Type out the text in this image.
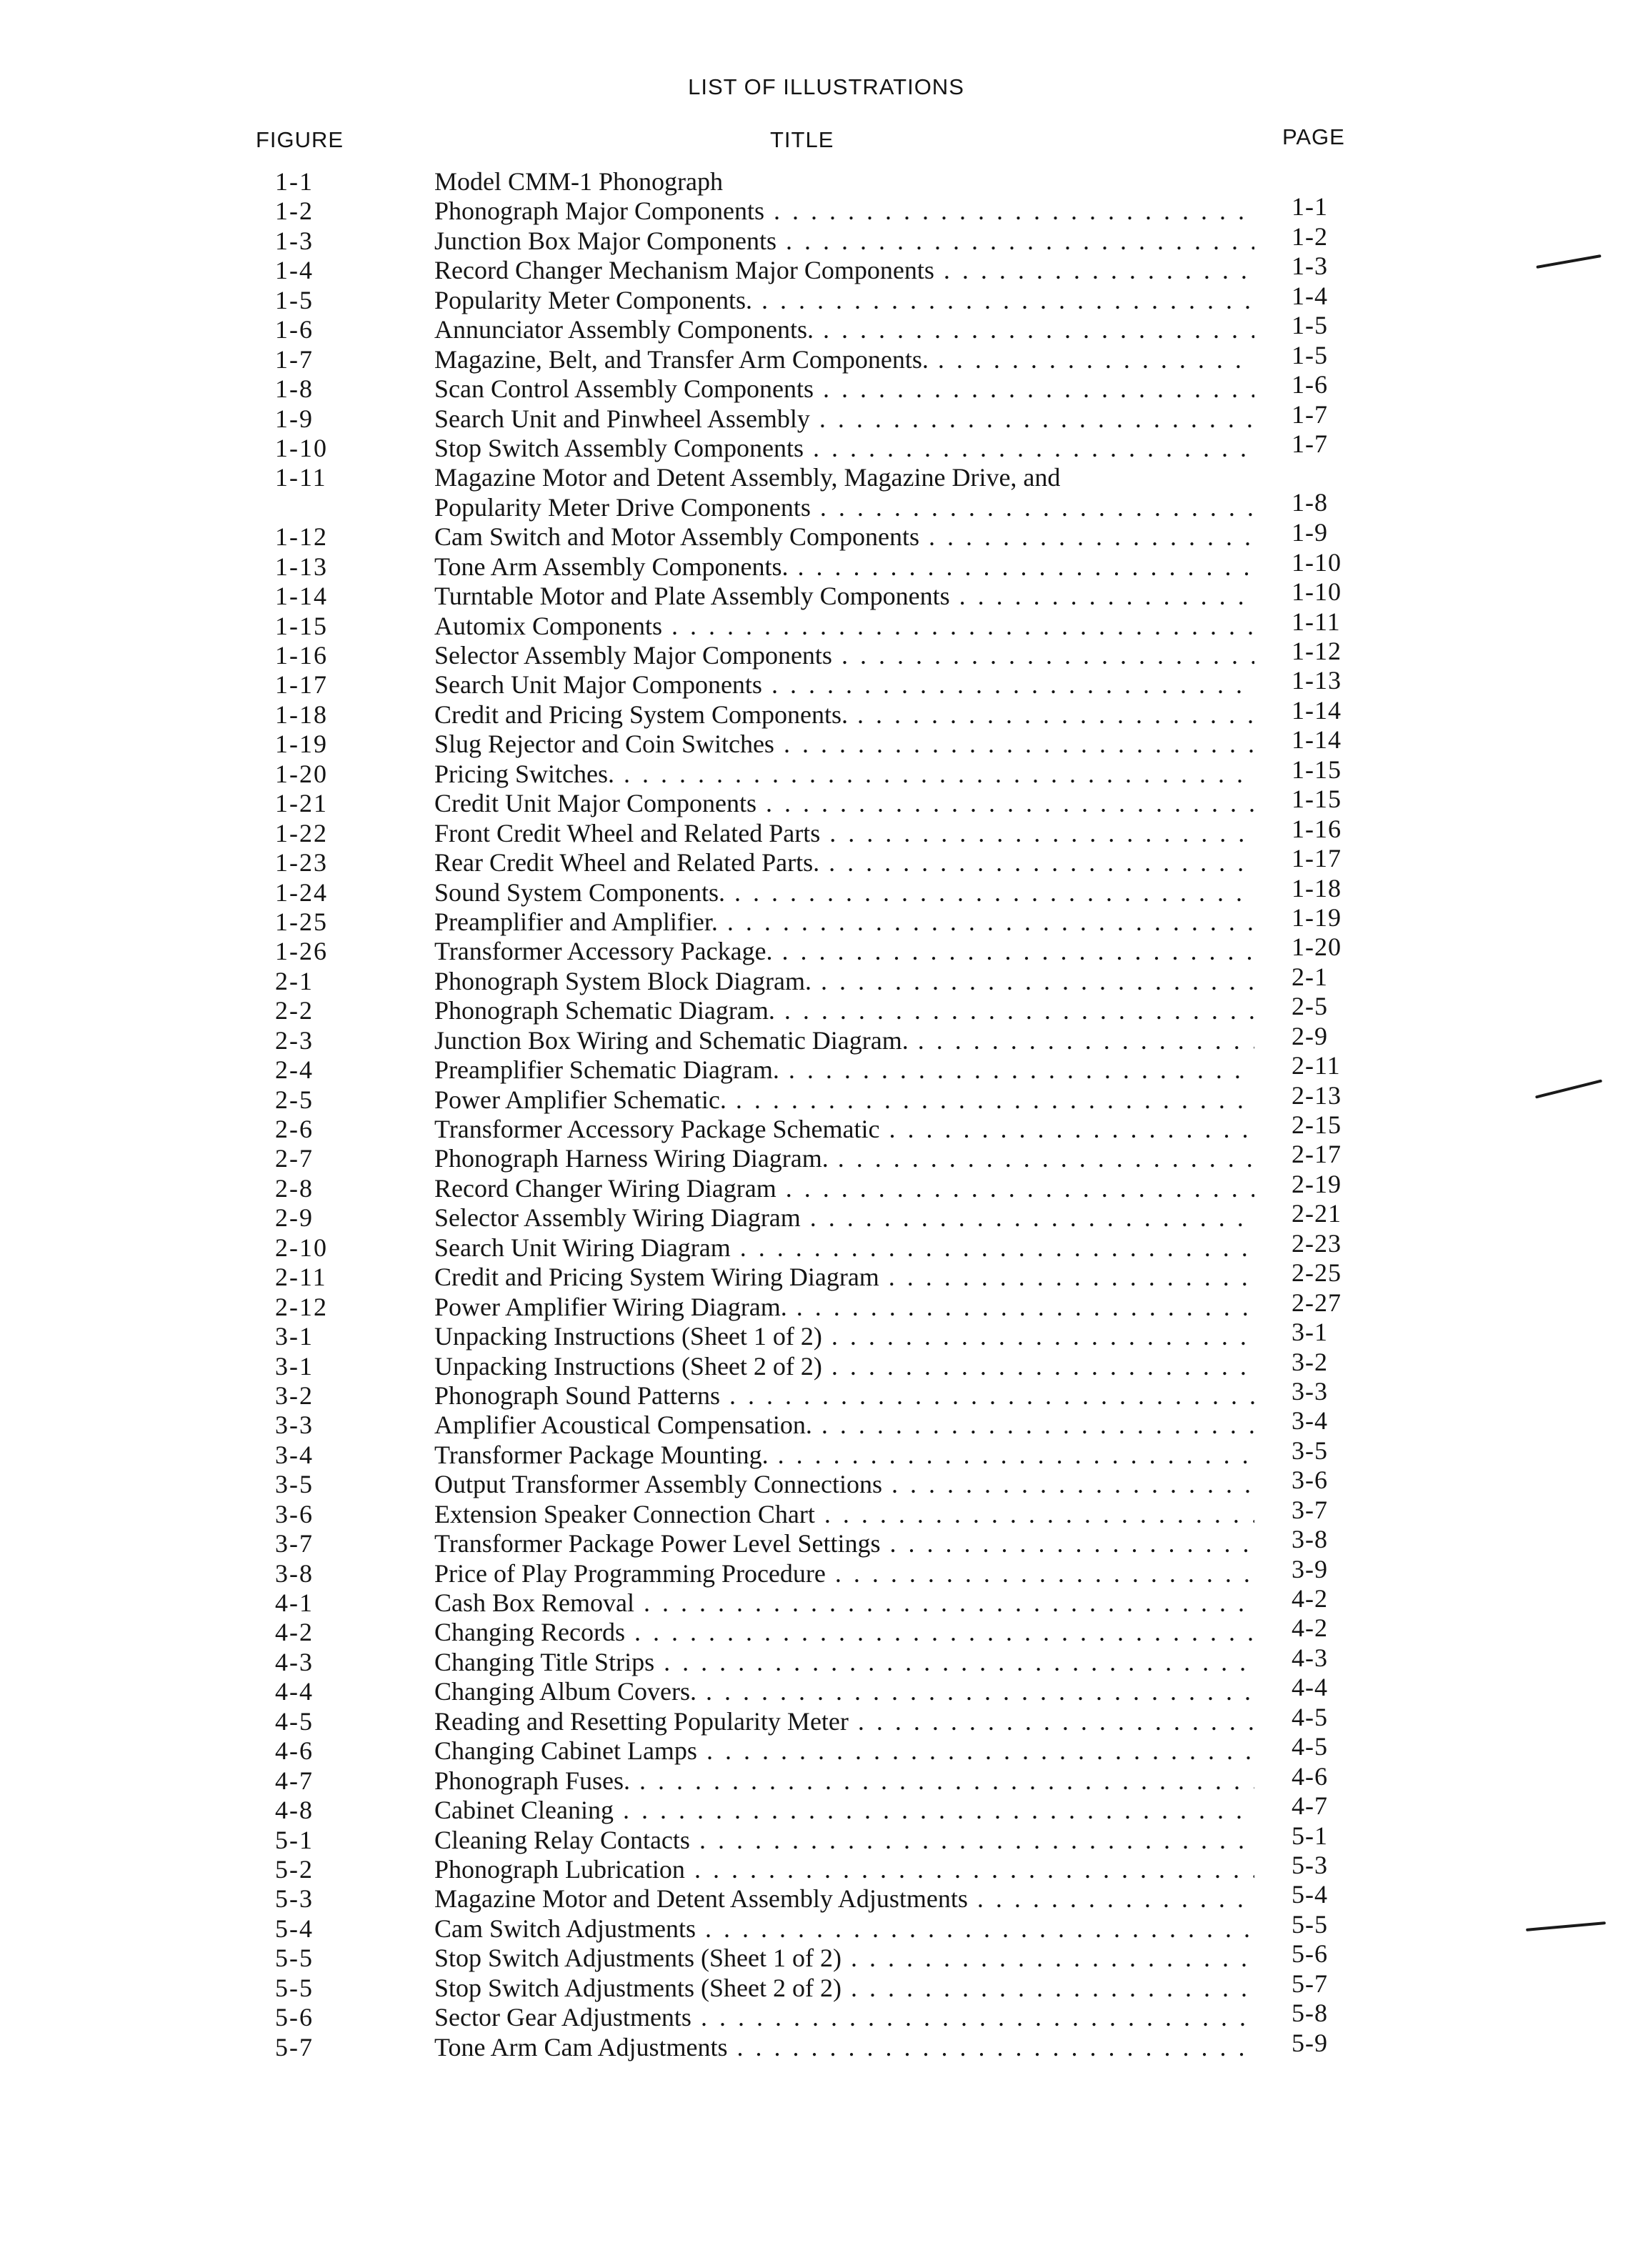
LIST OF ILLUSTRATIONS
FIGURE	TITLE	PAGE
1-1	Model CMM-1 Phonograph
1-2	Phonograph Major Components . . .	1-1
1-3	Junction Box Major Components . . .	1-2
1-4	Record Changer Mechanism Major Components . . .	1-3
1-5	Popularity Meter Components. . . .	1-4
1-6	Annunciator Assembly Components. . . .	1-5
1-7	Magazine, Belt, and Transfer Arm Components. . . .	1-5
1-8	Scan Control Assembly Components . . .	1-6
1-9	Search Unit and Pinwheel Assembly . . .	1-7
1-10	Stop Switch Assembly Components . . .	1-7
1-11	Magazine Motor and Detent Assembly, Magazine Drive, and
Popularity Meter Drive Components . . .	1-8
1-12	Cam Switch and Motor Assembly Components . . .	1-9
1-13	Tone Arm Assembly Components. . . .	1-10
1-14	Turntable Motor and Plate Assembly Components . . .	1-10
1-15	Automix Components . . .	1-11
1-16	Selector Assembly Major Components . . .	1-12
1-17	Search Unit Major Components . . .	1-13
1-18	Credit and Pricing System Components. . . .	1-14
1-19	Slug Rejector and Coin Switches . . .	1-14
1-20	Pricing Switches. . . .	1-15
1-21	Credit Unit Major Components . . .	1-15
1-22	Front Credit Wheel and Related Parts . . .	1-16
1-23	Rear Credit Wheel and Related Parts. . . .	1-17
1-24	Sound System Components. . . .	1-18
1-25	Preamplifier and Amplifier. . . .	1-19
1-26	Transformer Accessory Package. . . .	1-20
2-1	Phonograph System Block Diagram. . . .	2-1
2-2	Phonograph Schematic Diagram. . . .	2-5
2-3	Junction Box Wiring and Schematic Diagram. . . .	2-9
2-4	Preamplifier Schematic Diagram. . . .	2-11
2-5	Power Amplifier Schematic. . . .	2-13
2-6	Transformer Accessory Package Schematic . . .	2-15
2-7	Phonograph Harness Wiring Diagram. . . .	2-17
2-8	Record Changer Wiring Diagram . . .	2-19
2-9	Selector Assembly Wiring Diagram . . .	2-21
2-10	Search Unit Wiring Diagram . . .	2-23
2-11	Credit and Pricing System Wiring Diagram . . .	2-25
2-12	Power Amplifier Wiring Diagram. . . .	2-27
3-1	Unpacking Instructions (Sheet 1 of 2) . . .	3-1
3-1	Unpacking Instructions (Sheet 2 of 2) . . .	3-2
3-2	Phonograph Sound Patterns . . .	3-3
3-3	Amplifier Acoustical Compensation. . . .	3-4
3-4	Transformer Package Mounting. . . .	3-5
3-5	Output Transformer Assembly Connections . . .	3-6
3-6	Extension Speaker Connection Chart . . .	3-7
3-7	Transformer Package Power Level Settings . . .	3-8
3-8	Price of Play Programming Procedure . . .	3-9
4-1	Cash Box Removal . . .	4-2
4-2	Changing Records . . .	4-2
4-3	Changing Title Strips . . .	4-3
4-4	Changing Album Covers. . . .	4-4
4-5	Reading and Resetting Popularity Meter . . .	4-5
4-6	Changing Cabinet Lamps . . .	4-5
4-7	Phonograph Fuses. . . .	4-6
4-8	Cabinet Cleaning . . .	4-7
5-1	Cleaning Relay Contacts . . .	5-1
5-2	Phonograph Lubrication . . .	5-3
5-3	Magazine Motor and Detent Assembly Adjustments . . .	5-4
5-4	Cam Switch Adjustments . . .	5-5
5-5	Stop Switch Adjustments (Sheet 1 of 2) . . .	5-6
5-5	Stop Switch Adjustments (Sheet 2 of 2) . . .	5-7
5-6	Sector Gear Adjustments . . .	5-8
5-7	Tone Arm Cam Adjustments . . .	5-9
